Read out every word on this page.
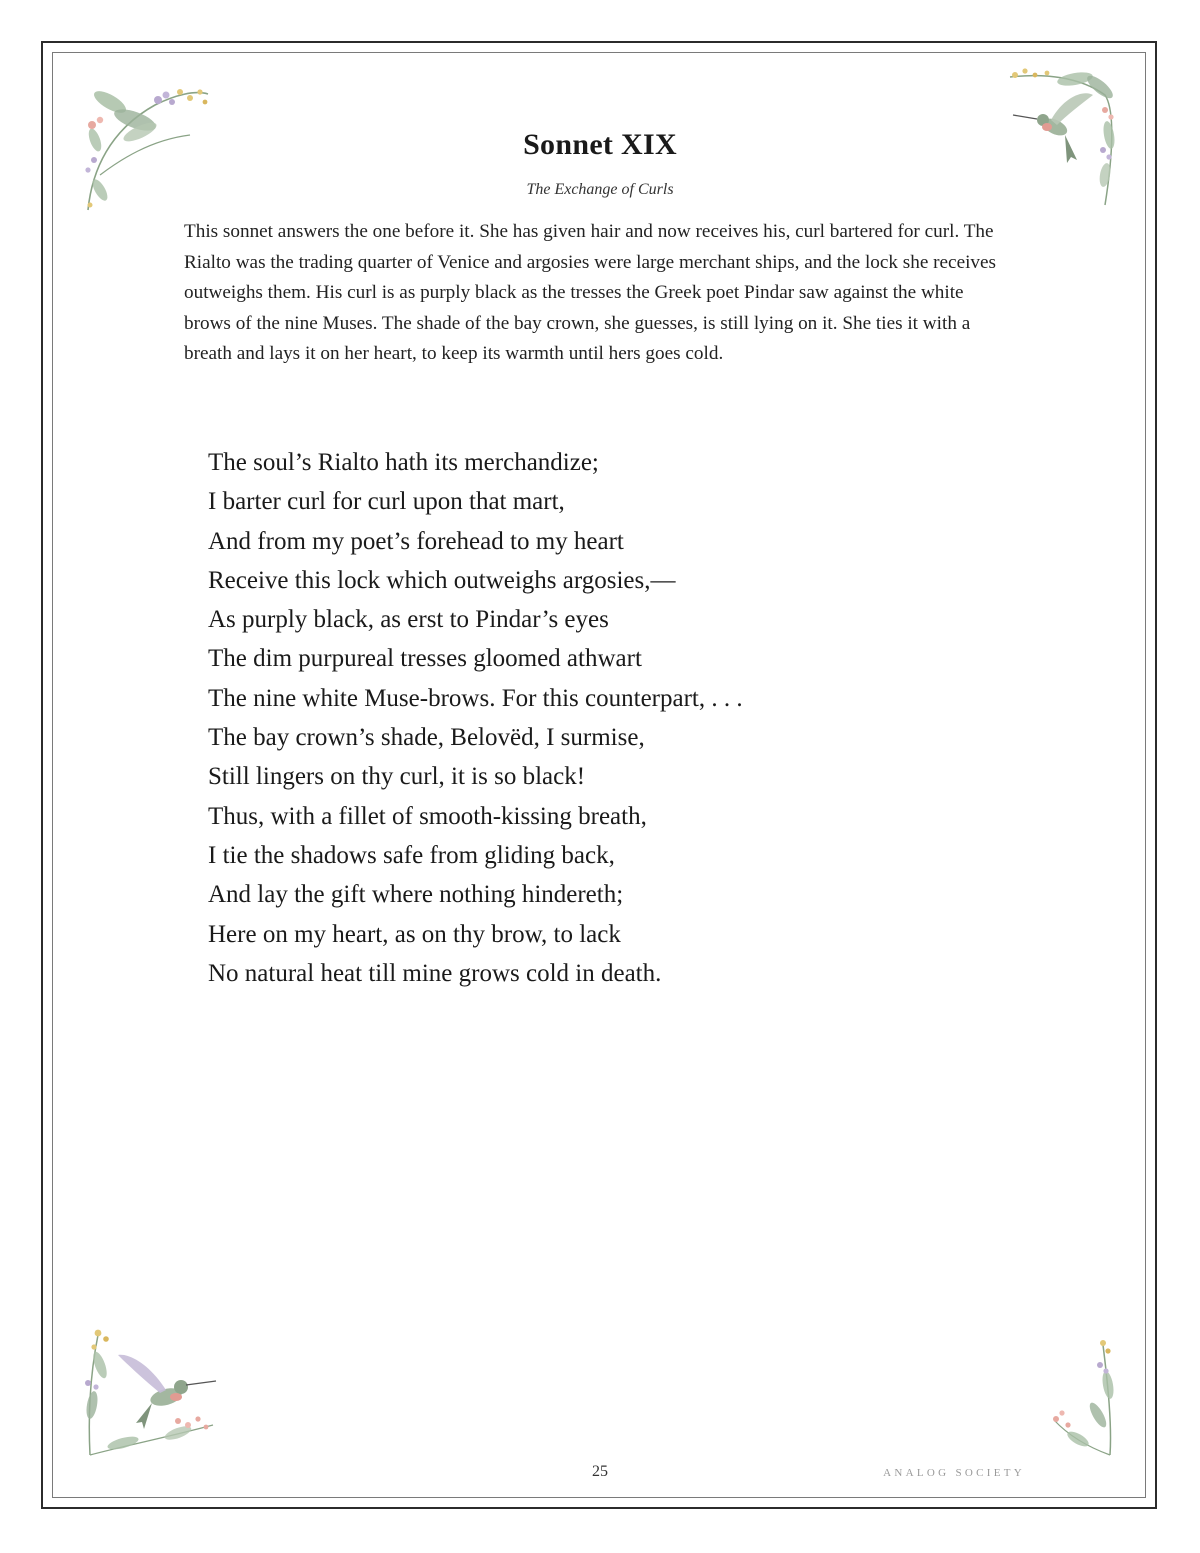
Sonnet XIX
The Exchange of Curls

This sonnet answers the one before it. She has given hair and now receives his, curl bartered for curl. The Rialto was the trading quarter of Venice and argosies were large merchant ships, and the lock she receives outweighs them. His curl is as purply black as the tresses the Greek poet Pindar saw against the white brows of the nine Muses. The shade of the bay crown, she guesses, is still lying on it. She ties it with a breath and lays it on her heart, to keep its warmth until hers goes cold.

The soul’s Rialto hath its merchandize;
I barter curl for curl upon that mart,
And from my poet’s forehead to my heart
Receive this lock which outweighs argosies,—
As purply black, as erst to Pindar’s eyes
The dim purpureal tresses gloomed athwart
The nine white Muse-brows. For this counterpart, . . .
The bay crown’s shade, Belovëd, I surmise,
Still lingers on thy curl, it is so black!
Thus, with a fillet of smooth-kissing breath,
I tie the shadows safe from gliding back,
And lay the gift where nothing hindereth;
Here on my heart, as on thy brow, to lack
No natural heat till mine grows cold in death.
25	ANALOG SOCIETY
